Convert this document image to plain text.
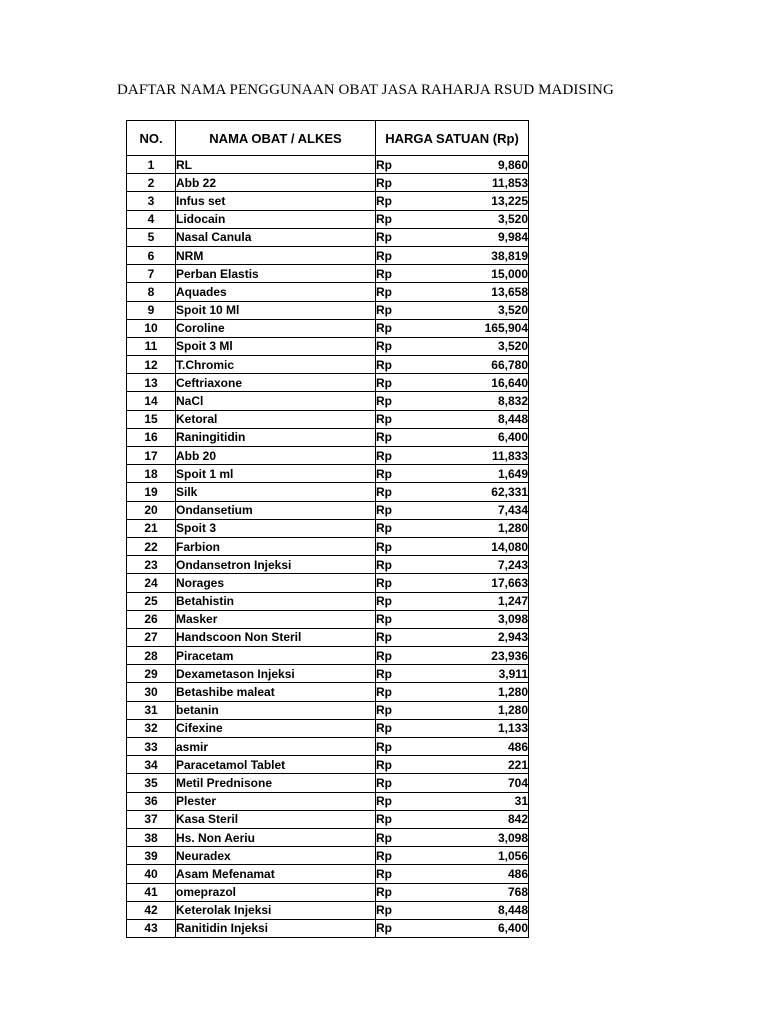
DAFTAR NAMA PENGGUNAAN OBAT JASA RAHARJA RSUD MADISING
NO.	NAMA OBAT / ALKES	HARGA SATUAN (Rp)
1	RL	Rp 9,860

2	Abb 22	Rp 11,853

3	Infus set	Rp 13,225

4	Lidocain	Rp 3,520

5	Nasal Canula	Rp 9,984

6	NRM	Rp 38,819

7	Perban Elastis	Rp 15,000

8	Aquades	Rp 13,658

9	Spoit 10 Ml	Rp 3,520

10	Coroline	Rp 165,904

11	Spoit 3 Ml	Rp 3,520

12	T.Chromic	Rp 66,780

13	Ceftriaxone	Rp 16,640

14	NaCl	Rp 8,832

15	Ketoral	Rp 8,448

16	Raningitidin	Rp 6,400

17	Abb 20	Rp 11,833

18	Spoit 1 ml	Rp 1,649

19	Silk	Rp 62,331

20	Ondansetium	Rp 7,434

21	Spoit 3	Rp 1,280

22	Farbion	Rp 14,080

23	Ondansetron Injeksi	Rp 7,243

24	Norages	Rp 17,663

25	Betahistin	Rp 1,247

26	Masker	Rp 3,098

27	Handscoon Non Steril	Rp 2,943

28	Piracetam	Rp 23,936

29	Dexametason Injeksi	Rp 3,911

30	Betashibe maleat	Rp 1,280

31	betanin	Rp 1,280

32	Cifexine	Rp 1,133

33	asmir	Rp 486

34	Paracetamol Tablet	Rp 221

35	Metil Prednisone	Rp 704

36	Plester	Rp 31

37	Kasa Steril	Rp 842

38	Hs. Non Aeriu	Rp 3,098

39	Neuradex	Rp 1,056

40	Asam Mefenamat	Rp 486

41	omeprazol	Rp 768

42	Keterolak Injeksi	Rp 8,448

43	Ranitidin Injeksi	Rp 6,400
